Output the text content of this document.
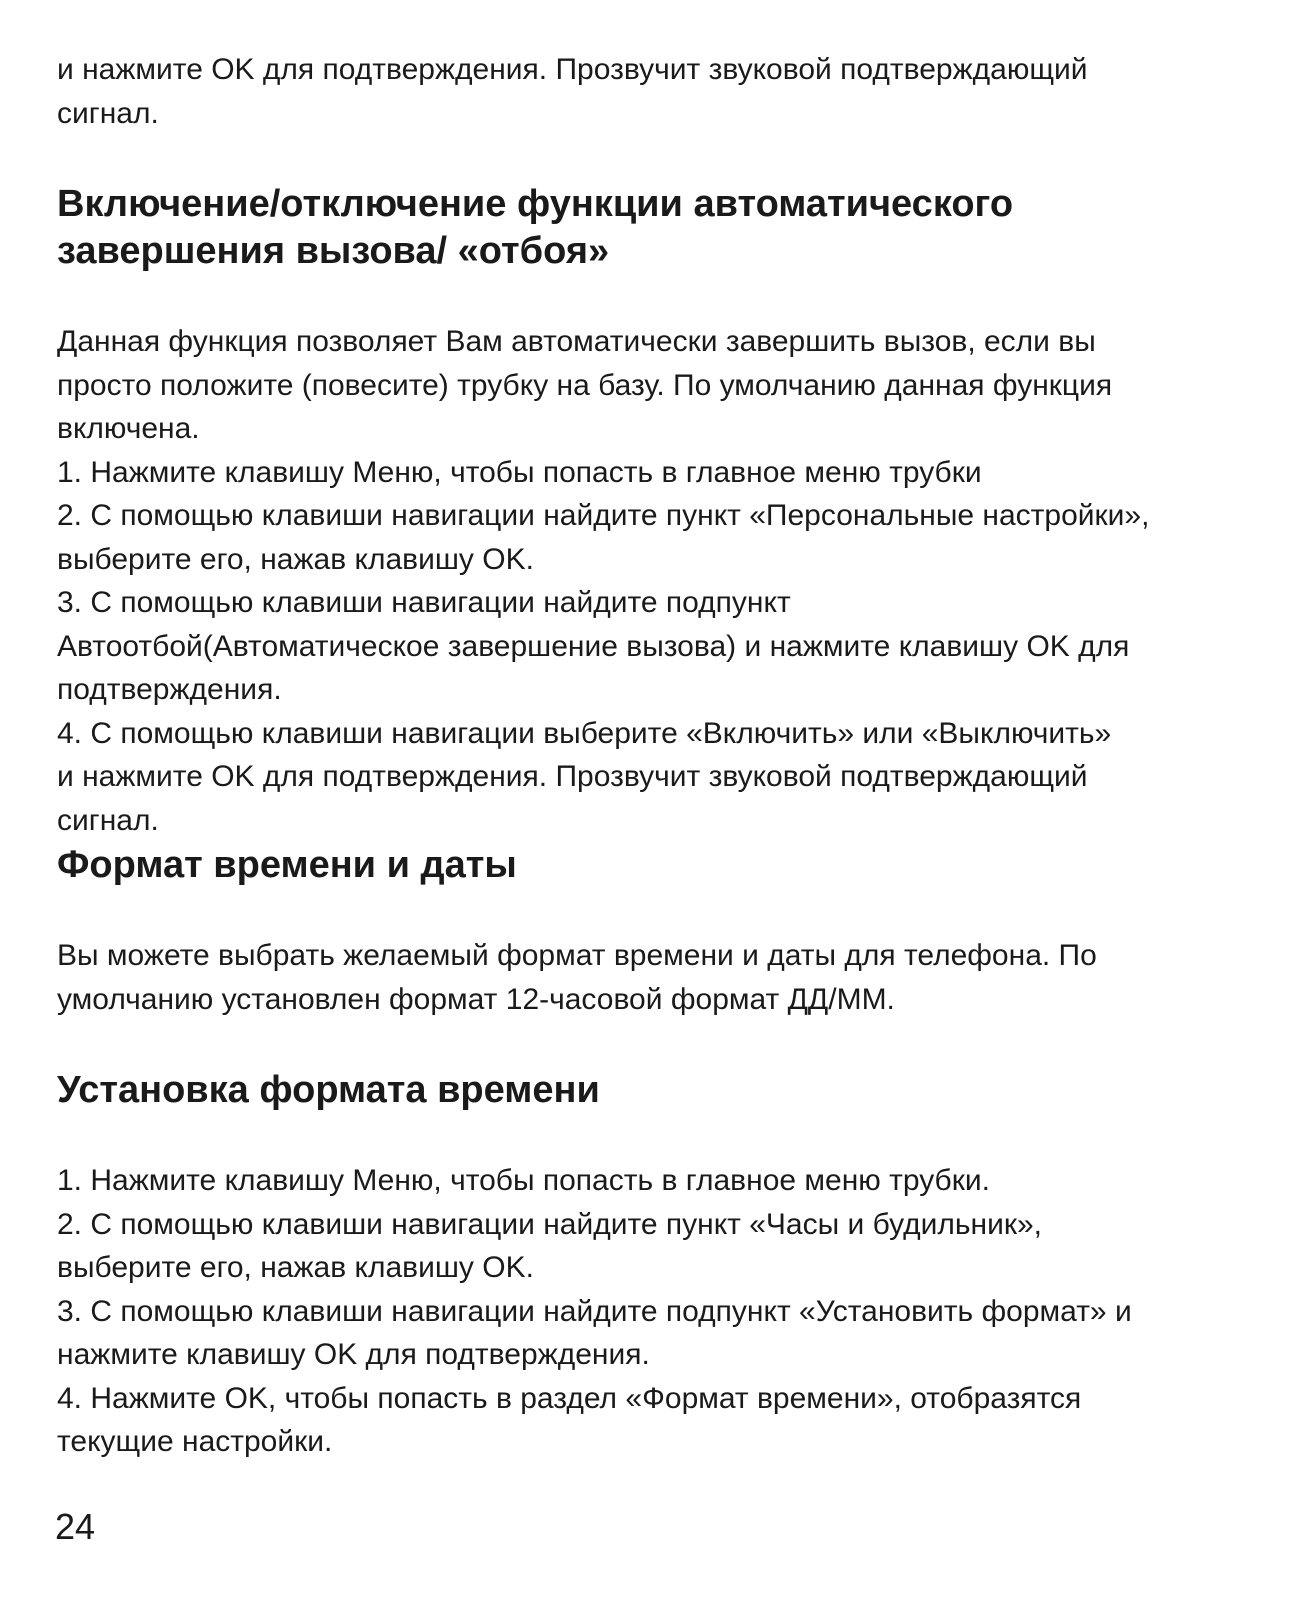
и нажмите OK для подтверждения. Прозвучит звуковой подтверждающий
сигнал.

Включение/отключение функции автоматического
завершения вызова/ «отбоя»

Данная функция позволяет Вам автоматически завершить вызов, если вы
просто положите (повесите) трубку на базу. По умолчанию данная функция
включена.

1. Нажмите клавишу Меню, чтобы попасть в главное меню трубки

2. С помощью клавиши навигации найдите пункт «Персональные настройки»,
выберите его, нажав клавишу OK.

3. С помощью клавиши навигации найдите подпункт
Автоотбой(Автоматическое завершение вызова) и нажмите клавишу OK для
подтверждения.

4. С помощью клавиши навигации выберите «Включить» или «Выключить»
и нажмите OK для подтверждения. Прозвучит звуковой подтверждающий
сигнал.

Формат времени и даты

Вы можете выбрать желаемый формат времени и даты для телефона. По
умолчанию установлен формат 12-часовой формат ДД/ММ.

Установка формата времени

1. Нажмите клавишу Меню, чтобы попасть в главное меню трубки.

2. С помощью клавиши навигации найдите пункт «Часы и будильник»,
выберите его, нажав клавишу OK.

3. С помощью клавиши навигации найдите подпункт «Установить формат» и
нажмите клавишу OK для подтверждения.

4. Нажмите OK, чтобы попасть в раздел «Формат времени», отобразятся
текущие настройки.

24
